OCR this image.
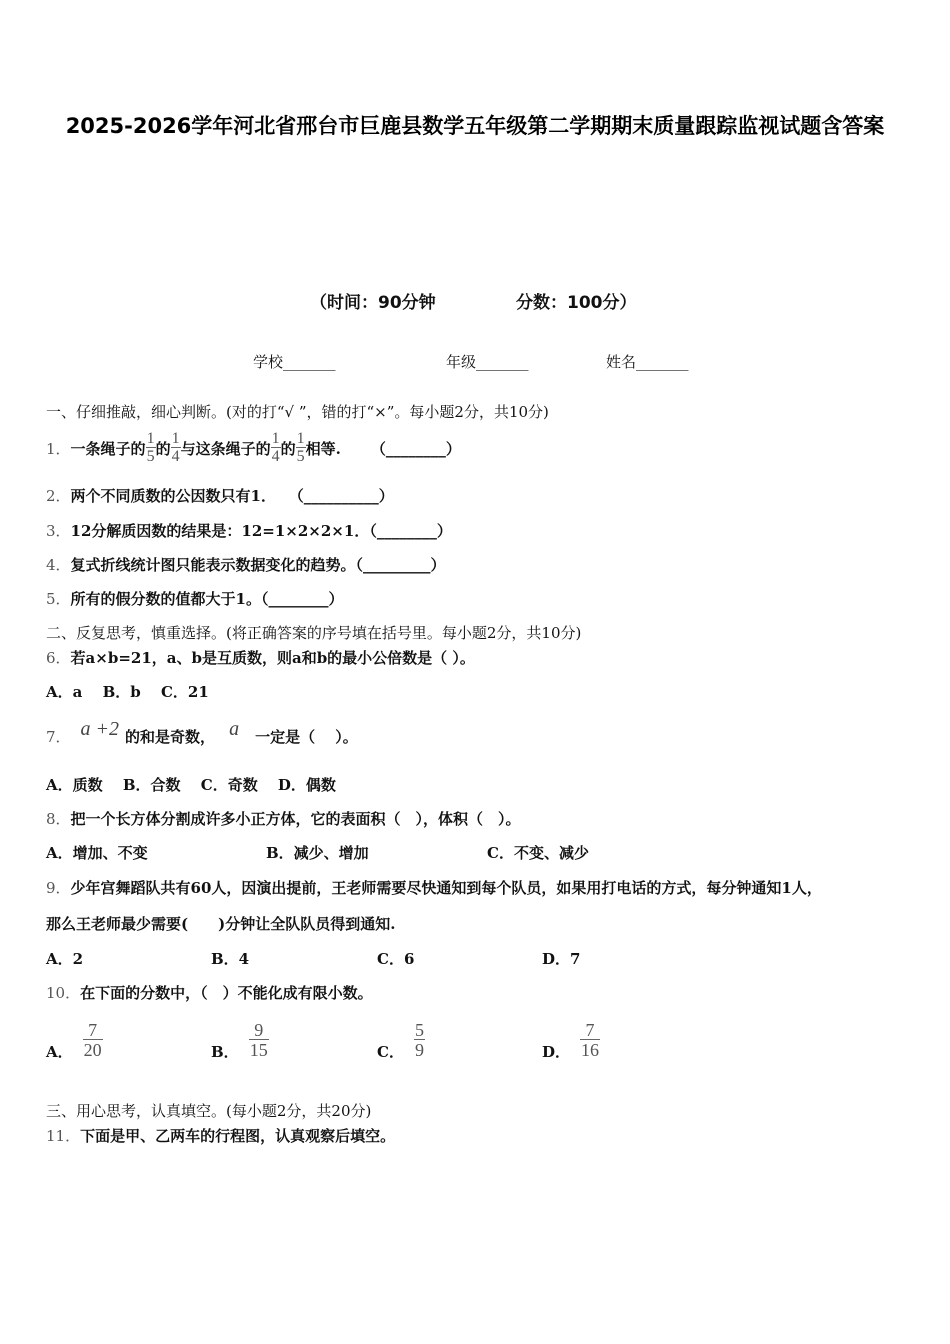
2025-2026学年河北省邢台市巨鹿县数学五年级第二学期期末质量跟踪监视试题含答案
（时间：90分钟	分数：100分）
学校_______	年级_______	姓名_______
一、仔细推敲，细心判断。(对的打“√ ”，错的打“×”。每小题2分，共10分)
1． 一条绳子的 $\frac{1}{5}$ 的 $\frac{1}{4}$ 与这条绳子的 $\frac{1}{4}$ 的 $\frac{1}{5}$ 相等. （________）
2．两个不同质数的公因数只有1．　 （__________）
3．12分解质因数的结果是：12=1×2×2×1．（________）
4．复式折线统计图只能表示数据变化的趋势。（_________）
5．所有的假分数的值都大于1。（________）
二、反复思考，慎重选择。(将正确答案的序号填在括号里。每小题2分，共10分)
6．若a×b=21，a、b是互质数，则a和b的最小公倍数是（ ）。
A．a　 B．b　 C．21
7． a +2 的和是奇数， a 一定是（　 ）。
A．质数　 B．合数　 C．奇数　 D．偶数
8．把一个长方体分割成许多小正方体，它的表面积（　），体积（　）。
A．增加、不变	B．减少、增加	C．不变、减少
9．少年宫舞蹈队共有60人，因演出提前，王老师需要尽快通知到每个队员，如果用打电话的方式，每分钟通知1人，
那么王老师最少需要(　　)分钟让全队队员得到通知.
A．2	B．4	C．6	D．7
10．在下面的分数中，（　）不能化成有限小数。
A． $\frac{7}{20}$	B． $\frac{9}{15}$	C． $\frac{5}{9}$	D． $\frac{7}{16}$
三、用心思考，认真填空。(每小题2分，共20分)
11．下面是甲、乙两车的行程图，认真观察后填空。
